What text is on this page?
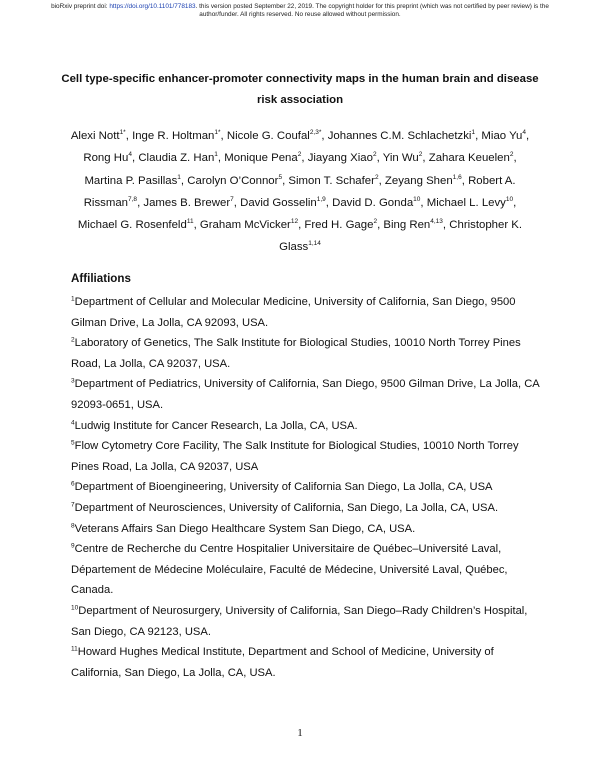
bioRxiv preprint doi: https://doi.org/10.1101/778183. this version posted September 22, 2019. The copyright holder for this preprint (which was not certified by peer review) is the author/funder. All rights reserved. No reuse allowed without permission.
Cell type-specific enhancer-promoter connectivity maps in the human brain and disease risk association
Alexi Nott$^{1*}$, Inge R. Holtman$^{1*}$, Nicole G. Coufal$^{2,3*}$, Johannes C.M. Schlachetzki$^1$, Miao Yu$^4$, Rong Hu$^4$, Claudia Z. Han$^1$, Monique Pena$^2$, Jiayang Xiao$^2$, Yin Wu$^2$, Zahara Keuelen$^2$, Martina P. Pasillas$^1$, Carolyn O’Connor$^5$, Simon T. Schafer$^2$, Zeyang Shen$^{1,6}$, Robert A. Rissman$^{7,8}$, James B. Brewer$^7$, David Gosselin$^{1,9}$, David D. Gonda$^{10}$, Michael L. Levy$^{10}$, Michael G. Rosenfeld$^{11}$, Graham McVicker$^{12}$, Fred H. Gage$^2$, Bing Ren$^{4,13}$, Christopher K. Glass$^{1,14}$
Affiliations

$^1$Department of Cellular and Molecular Medicine, University of California, San Diego, 9500 Gilman Drive, La Jolla, CA 92093, USA.

$^2$Laboratory of Genetics, The Salk Institute for Biological Studies, 10010 North Torrey Pines Road, La Jolla, CA 92037, USA.

$^3$Department of Pediatrics, University of California, San Diego, 9500 Gilman Drive, La Jolla, CA 92093-0651, USA.

$^4$Ludwig Institute for Cancer Research, La Jolla, CA, USA.

$^5$Flow Cytometry Core Facility, The Salk Institute for Biological Studies, 10010 North Torrey Pines Road, La Jolla, CA 92037, USA

$^6$Department of Bioengineering, University of California San Diego, La Jolla, CA, USA

$^7$Department of Neurosciences, University of California, San Diego, La Jolla, CA, USA.

$^8$Veterans Affairs San Diego Healthcare System San Diego, CA, USA.

$^9$Centre de Recherche du Centre Hospitalier Universitaire de Québec–Université Laval, Département de Médecine Moléculaire, Faculté de Médecine, Université Laval, Québec, Canada.

$^{10}$Department of Neurosurgery, University of California, San Diego–Rady Children’s Hospital, San Diego, CA 92123, USA.

$^{11}$Howard Hughes Medical Institute, Department and School of Medicine, University of California, San Diego, La Jolla, CA, USA.

1
